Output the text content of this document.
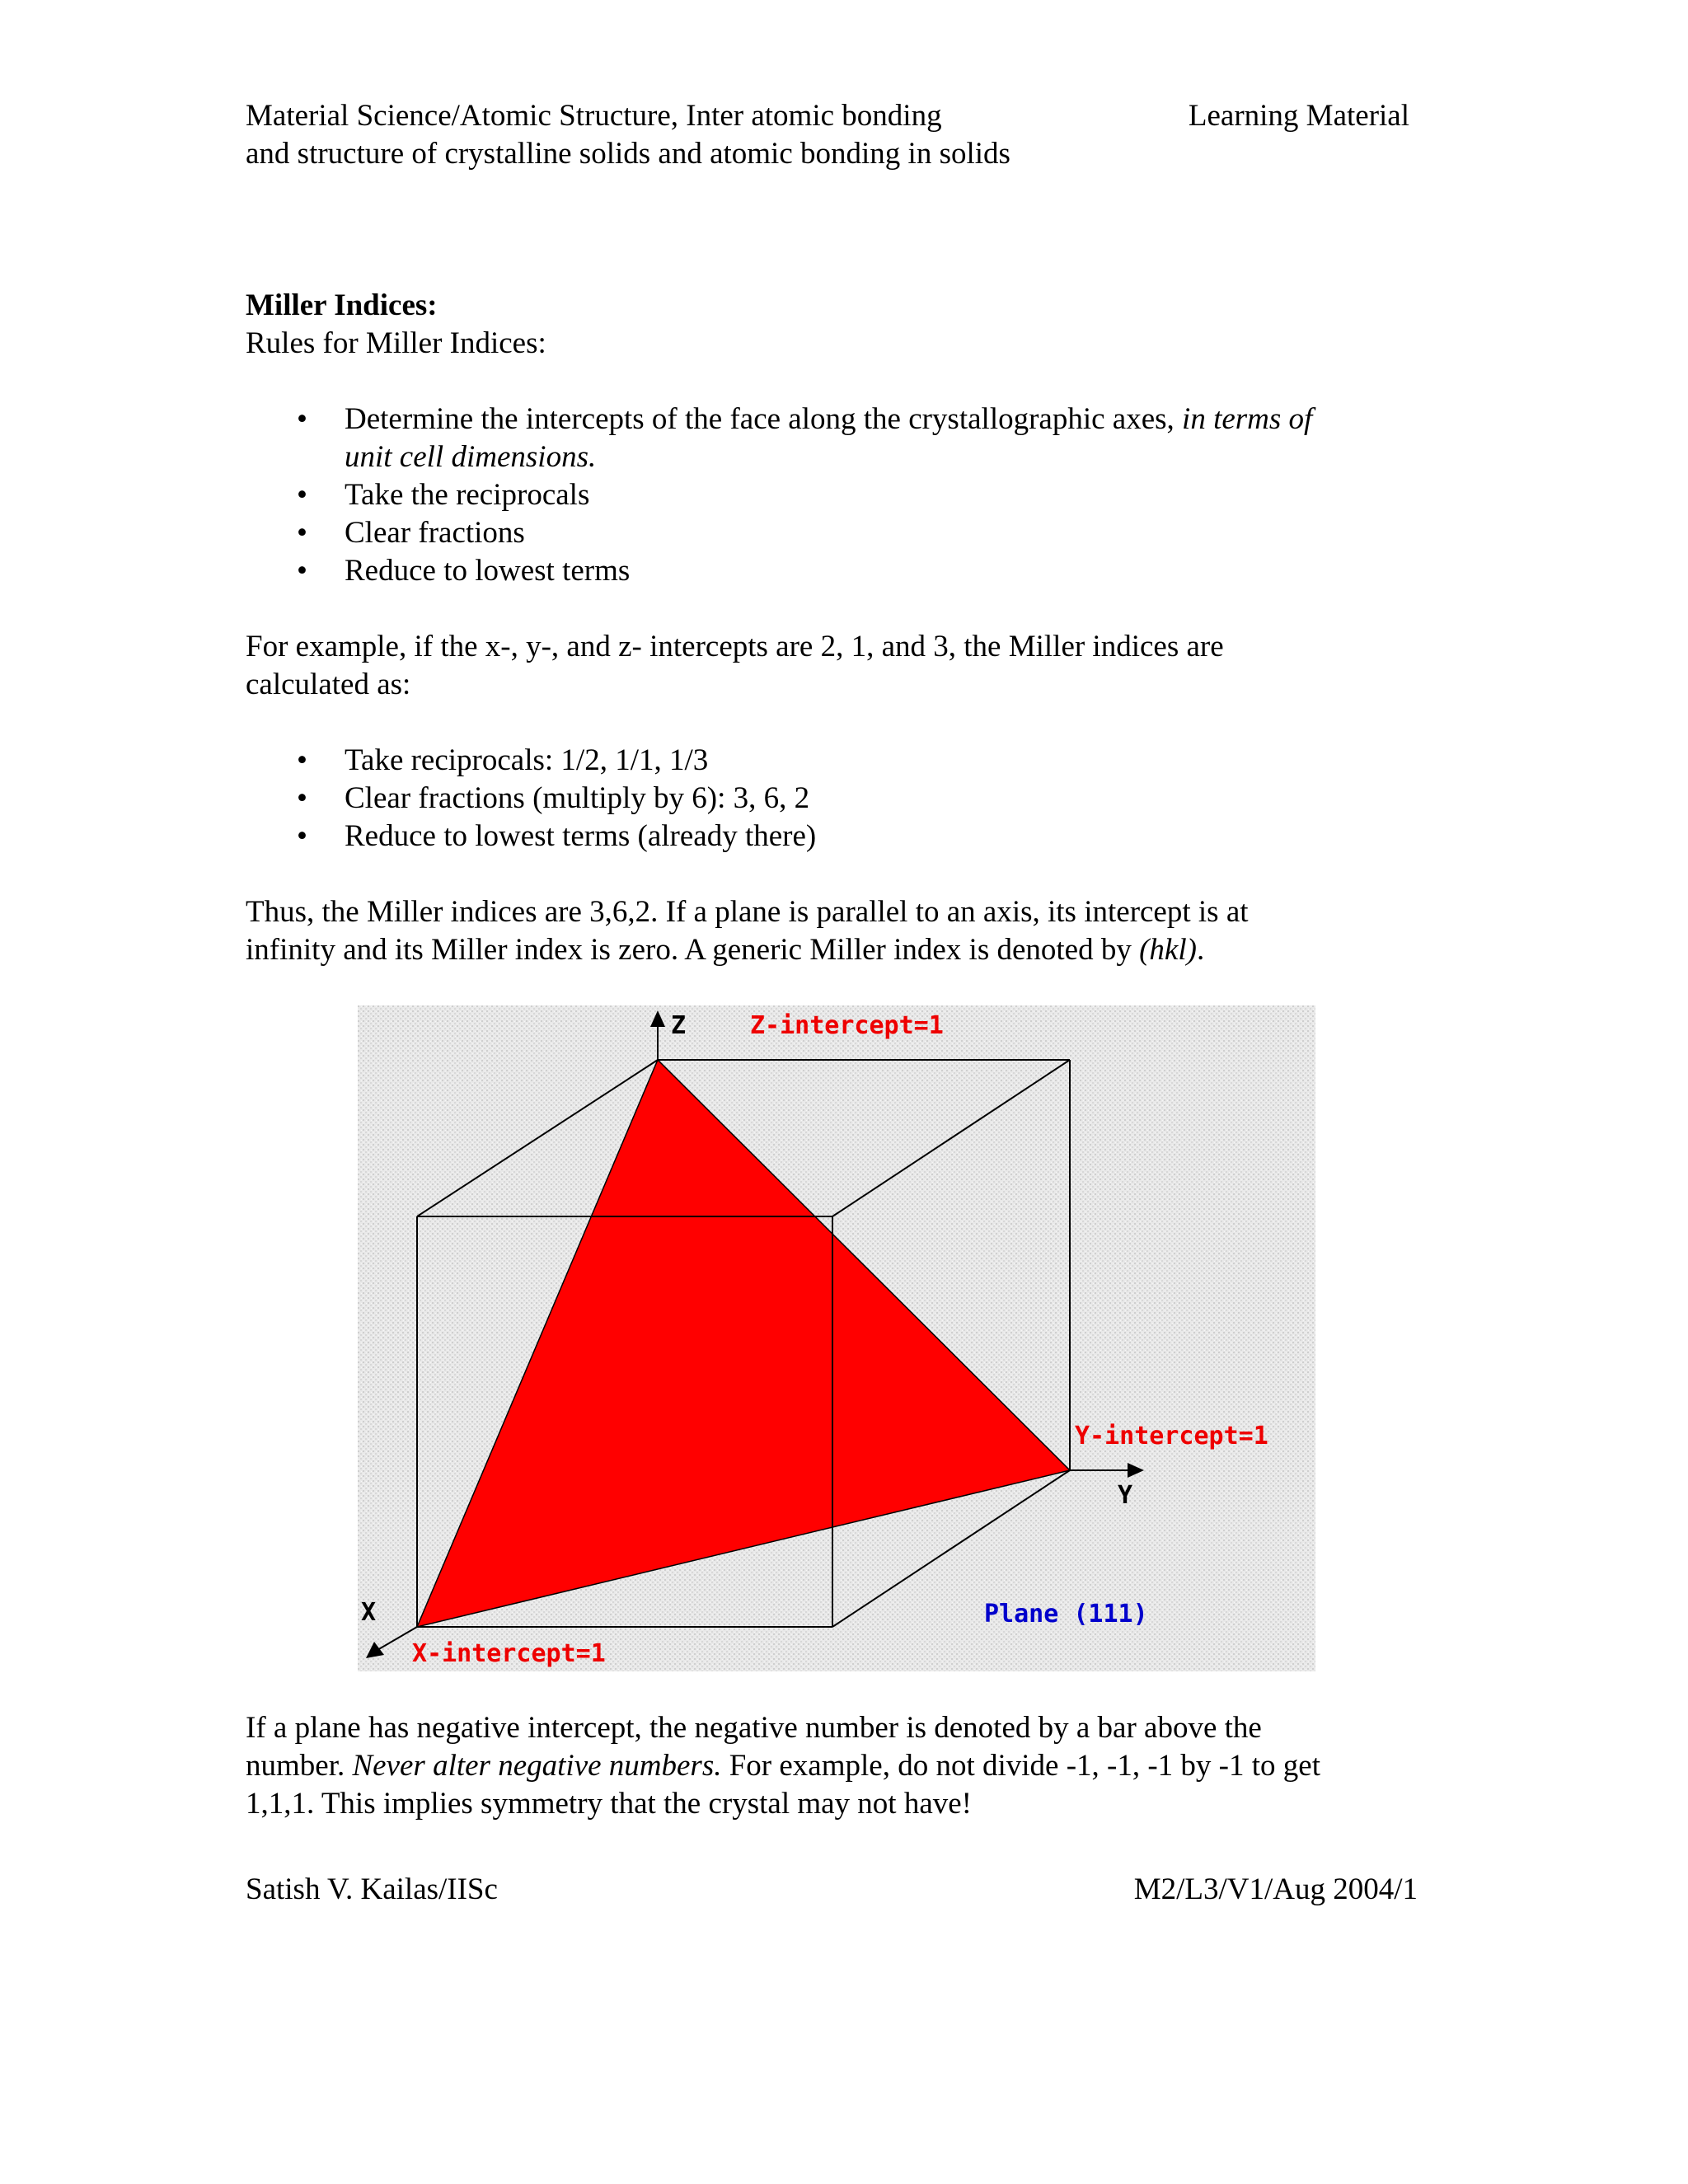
Material Science/Atomic Structure, Inter atomic bonding
and structure of crystalline solids and atomic bonding in solids
Learning Material
Miller Indices:
Rules for Miller Indices:
• Determine the intercepts of the face along the crystallographic axes, in terms of
unit cell dimensions.
• Take the reciprocals
• Clear fractions
• Reduce to lowest terms
For example, if the x-, y-, and z- intercepts are 2, 1, and 3, the Miller indices are
calculated as:
• Take reciprocals: 1/2, 1/1, 1/3
• Clear fractions (multiply by 6): 3, 6, 2
• Reduce to lowest terms (already there)
Thus, the Miller indices are 3,6,2. If a plane is parallel to an axis, its intercept is at
infinity and its Miller index is zero. A generic Miller index is denoted by (hkl).
Z	Z-intercept=1
Y-intercept=1
Y
X
X-intercept=1
Plane (111)
If a plane has negative intercept, the negative number is denoted by a bar above the
number. Never alter negative numbers. For example, do not divide -1, -1, -1 by -1 to get
1,1,1. This implies symmetry that the crystal may not have!
Satish V. Kailas/IISc	M2/L3/V1/Aug 2004/1
